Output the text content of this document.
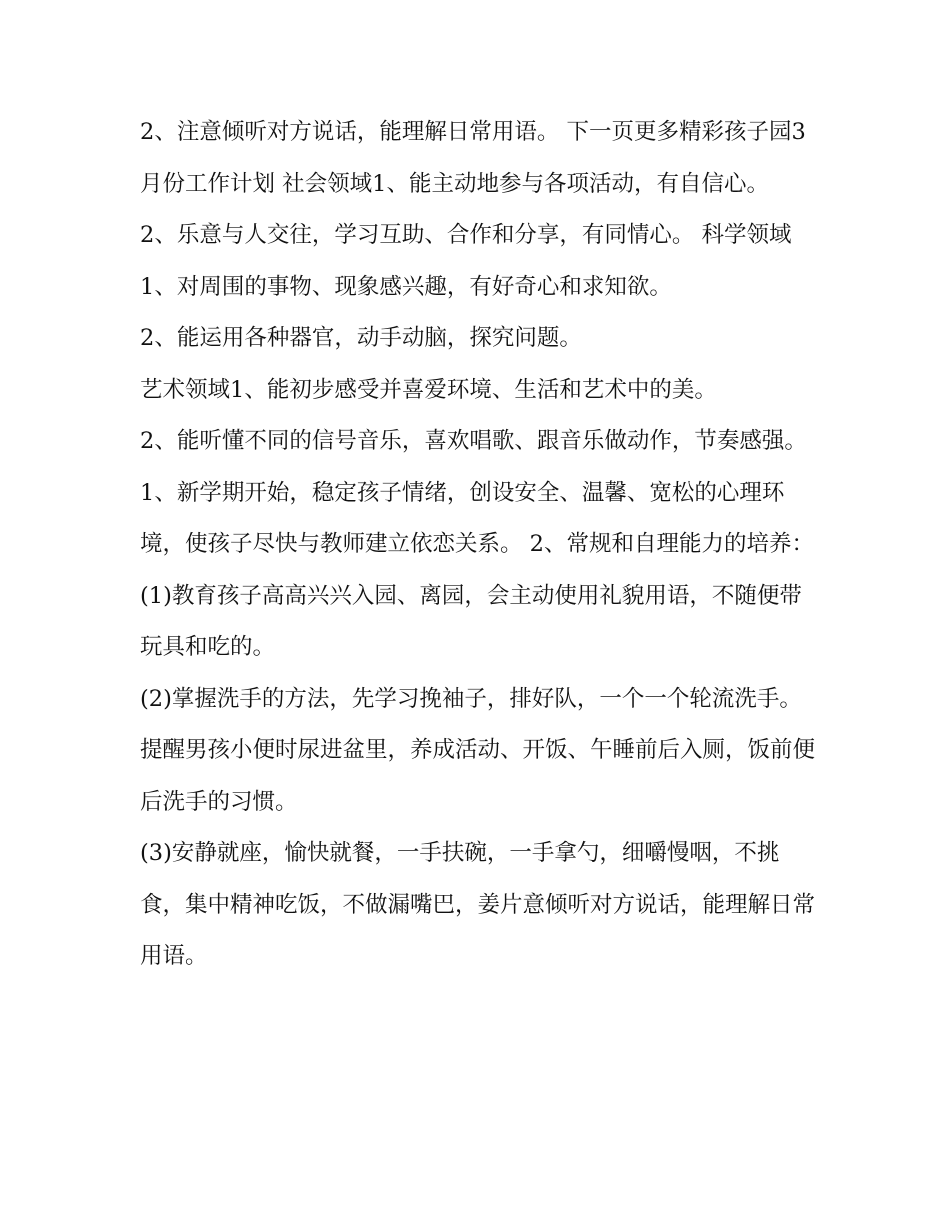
2、注意倾听对方说话，能理解日常用语。 下一页更多精彩孩子园3月份工作计划 社会领域1、能主动地参与各项活动，有自信心。

2、乐意与人交往，学习互助、合作和分享，有同情心。 科学领域1、对周围的事物、现象感兴趣，有好奇心和求知欲。

2、能运用各种器官，动手动脑，探究问题。

艺术领域1、能初步感受并喜爱环境、生活和艺术中的美。

2、能听懂不同的信号音乐，喜欢唱歌、跟音乐做动作，节奏感强。

1、新学期开始，稳定孩子情绪，创设安全、温馨、宽松的心理环境，使孩子尽快与教师建立依恋关系。 2、常规和自理能力的培养：

(1)教育孩子高高兴兴入园、离园，会主动使用礼貌用语，不随便带玩具和吃的。

(2)掌握洗手的方法，先学习挽袖子，排好队，一个一个轮流洗手。提醒男孩小便时尿进盆里，养成活动、开饭、午睡前后入厕，饭前便后洗手的习惯。

(3)安静就座，愉快就餐，一手扶碗，一手拿勺，细嚼慢咽，不挑食，集中精神吃饭，不做漏嘴巴，姜片意倾听对方说话，能理解日常用语。
